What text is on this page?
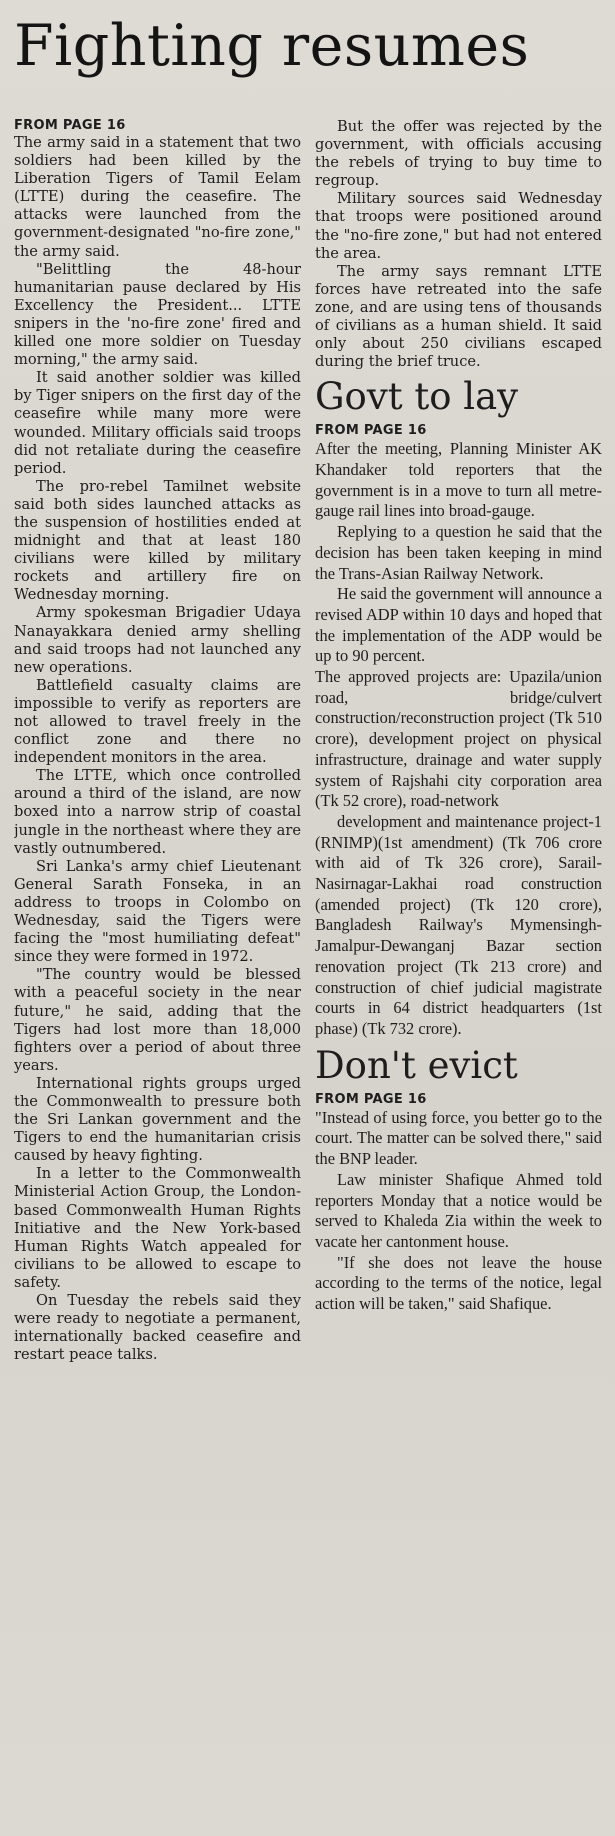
Fighting resumes
FROM PAGE 16

The army said in a statement that two soldiers had been killed by the Liberation Tigers of Tamil Eelam (LTTE) during the ceasefire. The attacks were launched from the government-designated "no-fire zone," the army said.

"Belittling the 48-hour humanitarian pause declared by His Excellency the President... LTTE snipers in the 'no-fire zone' fired and killed one more soldier on Tuesday morning," the army said.

It said another soldier was killed by Tiger snipers on the first day of the ceasefire while many more were wounded. Military officials said troops did not retaliate during the ceasefire period.

The pro-rebel Tamilnet website said both sides launched attacks as the suspension of hostilities ended at midnight and that at least 180 civilians were killed by military rockets and artillery fire on Wednesday morning.

Army spokesman Brigadier Udaya Nanayakkara denied army shelling and said troops had not launched any new operations.

Battlefield casualty claims are impossible to verify as reporters are not allowed to travel freely in the conflict zone and there no independent monitors in the area.

The LTTE, which once controlled around a third of the island, are now boxed into a narrow strip of coastal jungle in the northeast where they are vastly outnumbered.

Sri Lanka's army chief Lieutenant General Sarath Fonseka, in an address to troops in Colombo on Wednesday, said the Tigers were facing the "most humiliating defeat" since they were formed in 1972.

"The country would be blessed with a peaceful society in the near future," he said, adding that the Tigers had lost more than 18,000 fighters over a period of about three years.

International rights groups urged the Commonwealth to pressure both the Sri Lankan government and the Tigers to end the humanitarian crisis caused by heavy fighting.

In a letter to the Commonwealth Ministerial Action Group, the London-based Commonwealth Human Rights Initiative and the New York-based Human Rights Watch appealed for civilians to be allowed to escape to safety.

On Tuesday the rebels said they were ready to negotiate a permanent, internationally backed ceasefire and restart peace talks.

But the offer was rejected by the government, with officials accusing the rebels of trying to buy time to regroup.

Military sources said Wednesday that troops were positioned around the "no-fire zone," but had not entered the area.

The army says remnant LTTE forces have retreated into the safe zone, and are using tens of thousands of civilians as a human shield. It said only about 250 civilians escaped during the brief truce.

Govt to lay
FROM PAGE 16

After the meeting, Planning Minister AK Khandaker told reporters that the government is in a move to turn all metre-gauge rail lines into broad-gauge.

Replying to a question he said that the decision has been taken keeping in mind the Trans-Asian Railway Network.

He said the government will announce a revised ADP within 10 days and hoped that the implementation of the ADP would be up to 90 percent.

The approved projects are: Upazila/union road, bridge/culvert construction/reconstruction project (Tk 510 crore), development project on physical infrastructure, drainage and water supply system of Rajshahi city corporation area (Tk 52 crore), road-network

development and maintenance project-1 (RNIMP)(1st amendment) (Tk 706 crore with aid of Tk 326 crore), Sarail-Nasirnagar-Lakhai road construction (amended project) (Tk 120 crore), Bangladesh Railway's Mymensingh-Jamalpur-Dewanganj Bazar section renovation project (Tk 213 crore) and construction of chief judicial magistrate courts in 64 district headquarters (1st phase) (Tk 732 crore).

Don't evict
FROM PAGE 16

"Instead of using force, you better go to the court. The matter can be solved there," said the BNP leader.

Law minister Shafique Ahmed told reporters Monday that a notice would be served to Khaleda Zia within the week to vacate her cantonment house.

"If she does not leave the house according to the terms of the notice, legal action will be taken," said Shafique.
